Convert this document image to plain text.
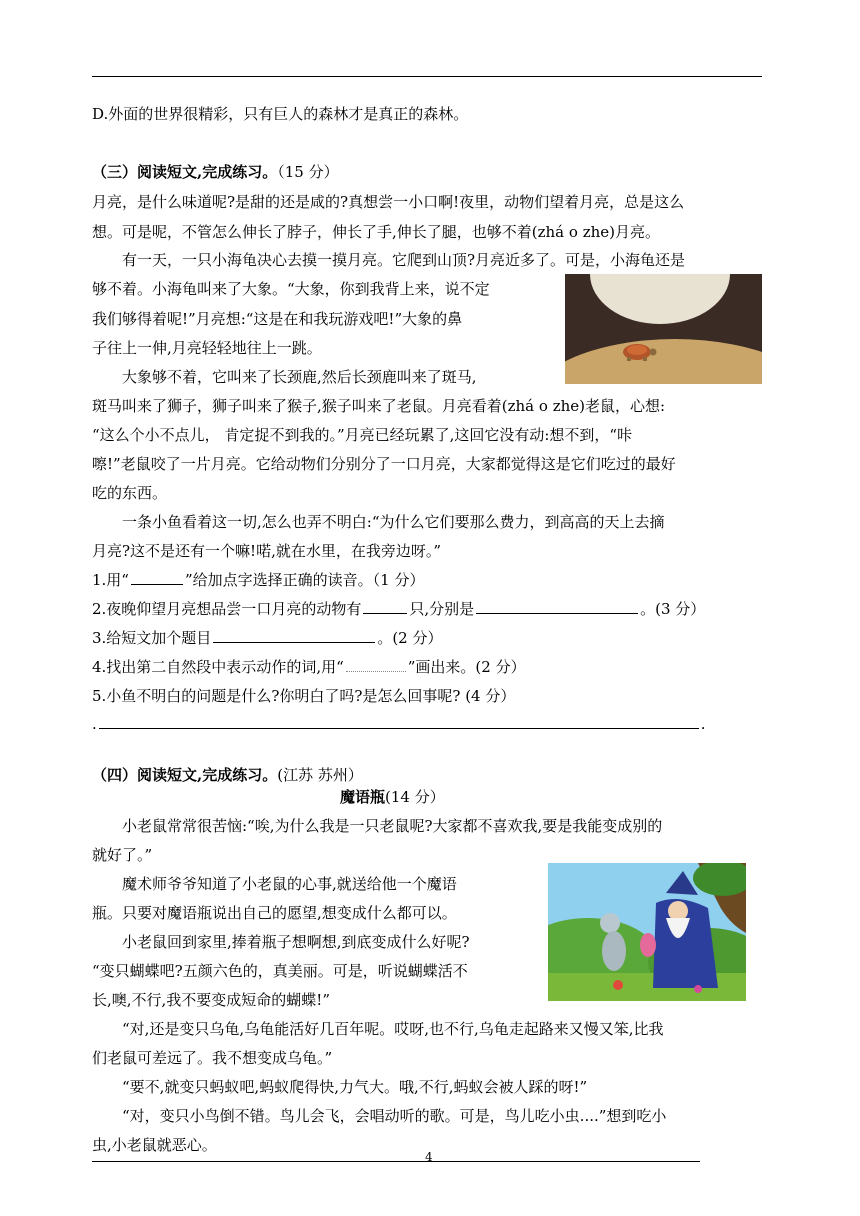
D.外面的世界很精彩，只有巨人的森林才是真正的森林。
（三）阅读短文,完成练习。（15 分）
月亮，是什么味道呢?是甜的还是咸的?真想尝一小口啊!夜里，动物们望着月亮，总是这么
想。可是呢，不管怎么伸长了脖子，伸长了手,伸长了腿，也够不着(zhá o zhe)月亮。
有一天，一只小海龟决心去摸一摸月亮。它爬到山顶?月亮近多了。可是，小海龟还是
够不着。小海龟叫来了大象。“大象，你到我背上来，说不定
我们够得着呢!”月亮想:“这是在和我玩游戏吧!”大象的鼻
子往上一伸,月亮轻轻地往上一跳。
大象够不着，它叫来了长颈鹿,然后长颈鹿叫来了斑马,
斑马叫来了狮子，狮子叫来了猴子,猴子叫来了老鼠。月亮看着(zhá o zhe)老鼠，心想:
“这么个小不点儿， 肯定捉不到我的。”月亮已经玩累了,这回它没有动:想不到，“咔
嚓!”老鼠咬了一片月亮。它给动物们分别分了一口月亮，大家都觉得这是它们吃过的最好
吃的东西。
一条小鱼看着这一切,怎么也弄不明白:“为什么它们要那么费力，到高高的天上去摘
月亮?这不是还有一个嘛!喏,就在水里，在我旁边呀。”
1.用“	”给加点字选择正确的读音。（1 分）
2.夜晚仰望月亮想品尝一口月亮的动物有	只,分别是	。(3 分）
3.给短文加个题目	。(2 分）
4.找出第二自然段中表示动作的词,用“	”画出来。(2 分）
5.小鱼不明白的问题是什么?你明白了吗?是怎么回事呢? (4 分）
.	.
（四）阅读短文,完成练习。(江苏 苏州）
魔语瓶(14 分）
小老鼠常常很苦恼:“唉,为什么我是一只老鼠呢?大家都不喜欢我,要是我能变成别的
就好了。”
魔术师爷爷知道了小老鼠的心事,就送给他一个魔语
瓶。只要对魔语瓶说出自己的愿望,想变成什么都可以。
小老鼠回到家里,捧着瓶子想啊想,到底变成什么好呢?
“变只蝴蝶吧?五颜六色的，真美丽。可是，听说蝴蝶活不
长,噢,不行,我不要变成短命的蝴蝶!”
“对,还是变只乌龟,乌龟能活好几百年呢。哎呀,也不行,乌龟走起路来又慢又笨,比我
们老鼠可差远了。我不想变成乌龟。”
“要不,就变只蚂蚁吧,蚂蚁爬得快,力气大。哦,不行,蚂蚁会被人踩的呀!”
“对，变只小鸟倒不错。鸟儿会飞，会唱动听的歌。可是，鸟儿吃小虫....”想到吃小
虫,小老鼠就恶心。
4
